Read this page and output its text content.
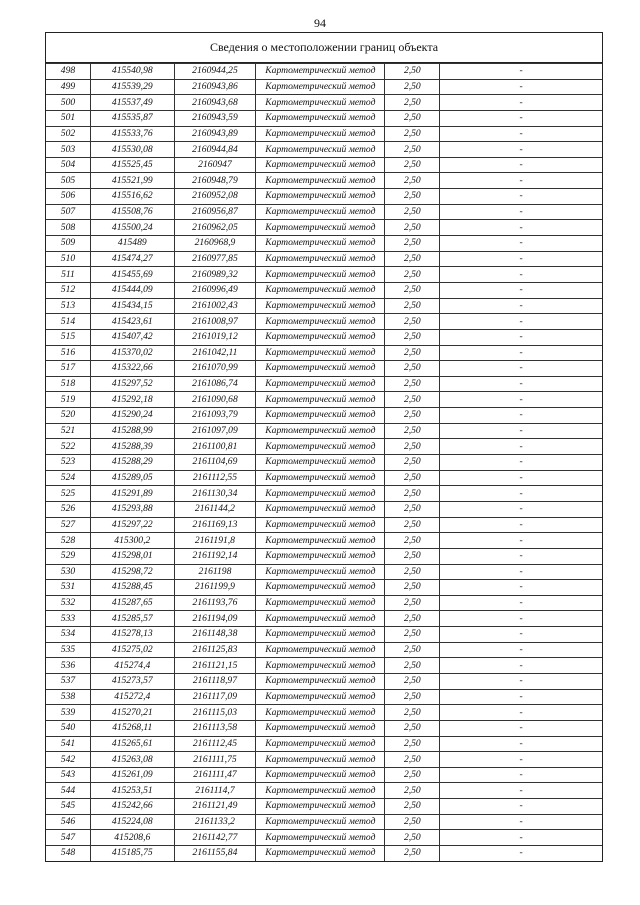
94
Сведения о местоположении границ объекта
498	415540,98	2160944,25	Картометрический метод	2,50	-
499	415539,29	2160943,86	Картометрический метод	2,50	-
500	415537,49	2160943,68	Картометрический метод	2,50	-
501	415535,87	2160943,59	Картометрический метод	2,50	-
502	415533,76	2160943,89	Картометрический метод	2,50	-
503	415530,08	2160944,84	Картометрический метод	2,50	-
504	415525,45	2160947	Картометрический метод	2,50	-
505	415521,99	2160948,79	Картометрический метод	2,50	-
506	415516,62	2160952,08	Картометрический метод	2,50	-
507	415508,76	2160956,87	Картометрический метод	2,50	-
508	415500,24	2160962,05	Картометрический метод	2,50	-
509	415489	2160968,9	Картометрический метод	2,50	-
510	415474,27	2160977,85	Картометрический метод	2,50	-
511	415455,69	2160989,32	Картометрический метод	2,50	-
512	415444,09	2160996,49	Картометрический метод	2,50	-
513	415434,15	2161002,43	Картометрический метод	2,50	-
514	415423,61	2161008,97	Картометрический метод	2,50	-
515	415407,42	2161019,12	Картометрический метод	2,50	-
516	415370,02	2161042,11	Картометрический метод	2,50	-
517	415322,66	2161070,99	Картометрический метод	2,50	-
518	415297,52	2161086,74	Картометрический метод	2,50	-
519	415292,18	2161090,68	Картометрический метод	2,50	-
520	415290,24	2161093,79	Картометрический метод	2,50	-
521	415288,99	2161097,09	Картометрический метод	2,50	-
522	415288,39	2161100,81	Картометрический метод	2,50	-
523	415288,29	2161104,69	Картометрический метод	2,50	-
524	415289,05	2161112,55	Картометрический метод	2,50	-
525	415291,89	2161130,34	Картометрический метод	2,50	-
526	415293,88	2161144,2	Картометрический метод	2,50	-
527	415297,22	2161169,13	Картометрический метод	2,50	-
528	415300,2	2161191,8	Картометрический метод	2,50	-
529	415298,01	2161192,14	Картометрический метод	2,50	-
530	415298,72	2161198	Картометрический метод	2,50	-
531	415288,45	2161199,9	Картометрический метод	2,50	-
532	415287,65	2161193,76	Картометрический метод	2,50	-
533	415285,57	2161194,09	Картометрический метод	2,50	-
534	415278,13	2161148,38	Картометрический метод	2,50	-
535	415275,02	2161125,83	Картометрический метод	2,50	-
536	415274,4	2161121,15	Картометрический метод	2,50	-
537	415273,57	2161118,97	Картометрический метод	2,50	-
538	415272,4	2161117,09	Картометрический метод	2,50	-
539	415270,21	2161115,03	Картометрический метод	2,50	-
540	415268,11	2161113,58	Картометрический метод	2,50	-
541	415265,61	2161112,45	Картометрический метод	2,50	-
542	415263,08	2161111,75	Картометрический метод	2,50	-
543	415261,09	2161111,47	Картометрический метод	2,50	-
544	415253,51	2161114,7	Картометрический метод	2,50	-
545	415242,66	2161121,49	Картометрический метод	2,50	-
546	415224,08	2161133,2	Картометрический метод	2,50	-
547	415208,6	2161142,77	Картометрический метод	2,50	-
548	415185,75	2161155,84	Картометрический метод	2,50	-
